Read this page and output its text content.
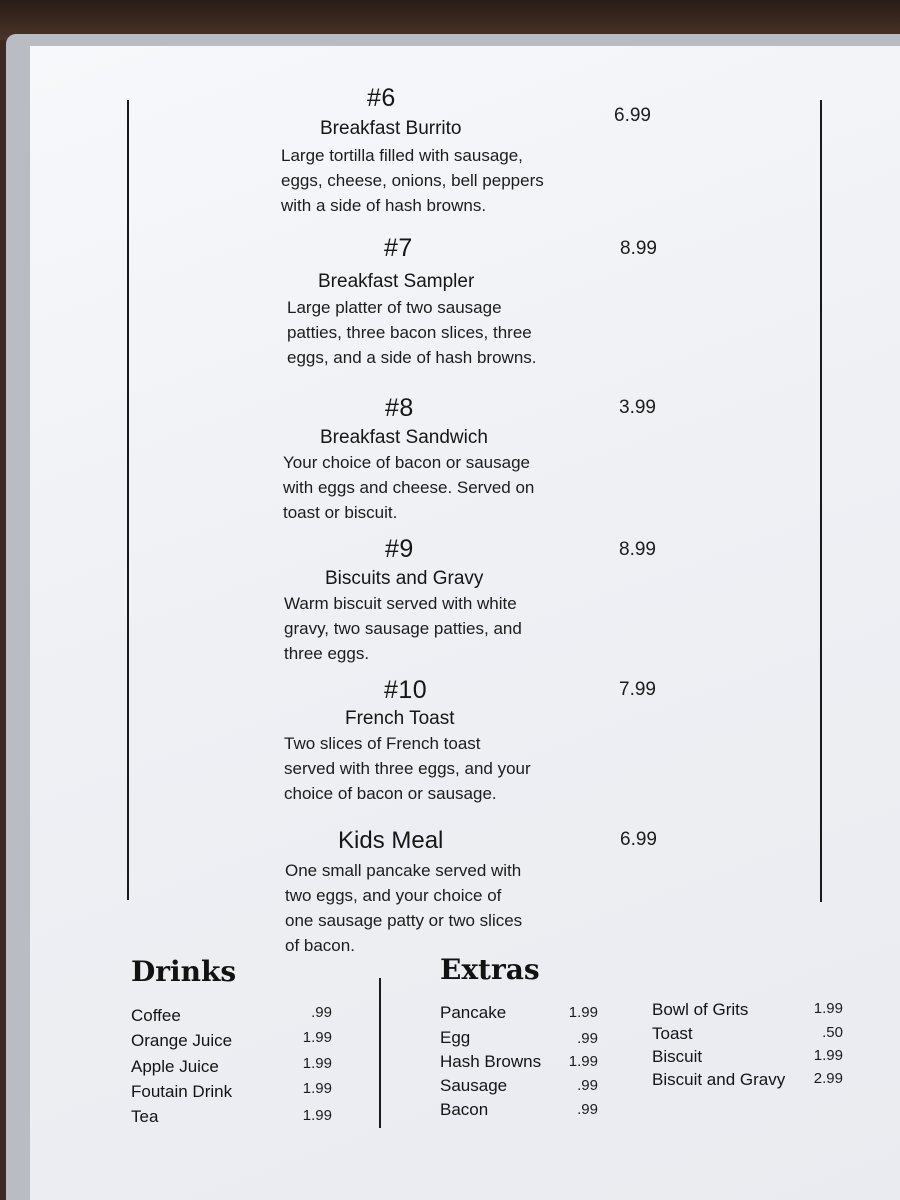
#6
Breakfast Burrito
Large tortilla filled with sausage,
eggs, cheese, onions, bell peppers
with a side of hash browns.
6.99
#7
Breakfast Sampler
Large platter of two sausage
patties, three bacon slices, three
eggs, and a side of hash browns.
8.99
#8
Breakfast Sandwich
Your choice of bacon or sausage
with eggs and cheese. Served on
toast or biscuit.
3.99
#9
Biscuits and Gravy
Warm biscuit served with white
gravy, two sausage patties, and
three eggs.
8.99
#10
French Toast
Two slices of French toast
served with three eggs, and your
choice of bacon or sausage.
7.99
Kids Meal
One small pancake served with
two eggs, and your choice of
one sausage patty or two slices
of bacon.
6.99
Drinks
Coffee	.99
Orange Juice	1.99
Apple Juice	1.99
Foutain Drink	1.99
Tea	1.99
Extras
Pancake	1.99
Egg	.99
Hash Browns	1.99
Sausage	.99
Bacon	.99
Bowl of Grits	1.99
Toast	.50
Biscuit	1.99
Biscuit and Gravy	2.99
